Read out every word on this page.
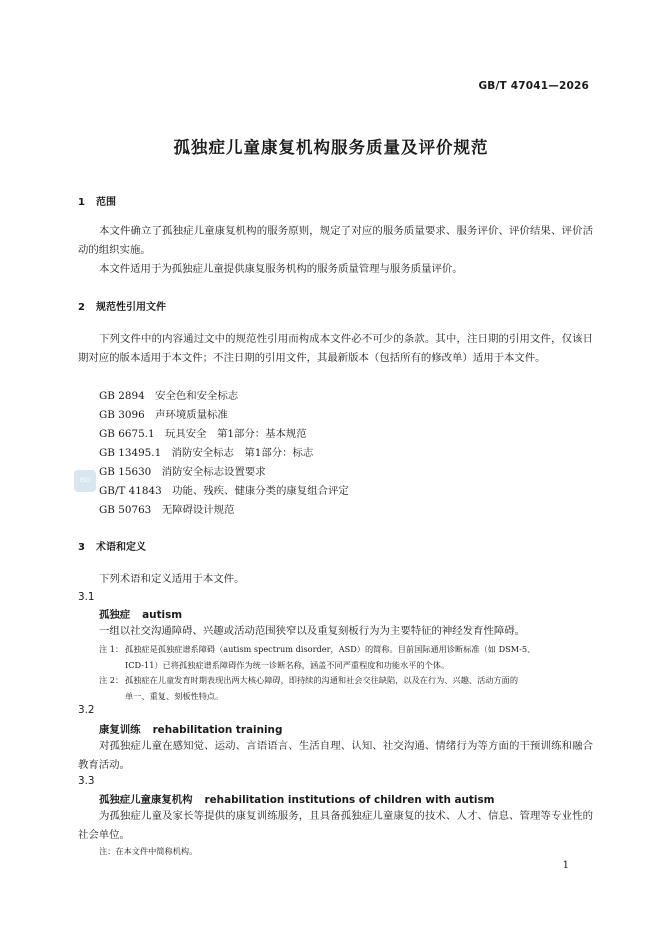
GB/T 47041—2026
孤独症儿童康复机构服务质量及评价规范
1 范围
本文件确立了孤独症儿童康复机构的服务原则，规定了对应的服务质量要求、服务评价、评价结果、评价活动的组织实施。
本文件适用于为孤独症儿童提供康复服务机构的服务质量管理与服务质量评价。
2 规范性引用文件
下列文件中的内容通过文中的规范性引用而构成本文件必不可少的条款。其中，注日期的引用文件，仅该日期对应的版本适用于本文件；不注日期的引用文件，其最新版本（包括所有的修改单）适用于本文件。
GB 2894　 安全色和安全标志
GB 3096　 声环境质量标准
GB 6675.1　 玩具安全　第1部分：基本规范
GB 13495.1　 消防安全标志　第1部分：标志
GB 15630　 消防安全标志设置要求
GB/T 41843　 功能、残疾、健康分类的康复组合评定
GB 50763　 无障碍设计规范
ISO
3 术语和定义
下列术语和定义适用于本文件。
3.1
孤独症 autism
一组以社交沟通障碍、兴趣或活动范围狭窄以及重复刻板行为为主要特征的神经发育性障碍。
注 1： 孤独症是孤独症谱系障碍（autism spectrum disorder，ASD）的简称。目前国际通用诊断标准（如 DSM-5、
ICD-11）已将孤独症谱系障碍作为统一诊断名称，涵盖不同严重程度和功能水平的个体。
注 2： 孤独症在儿童发育时期表现出两大核心障碍，即持续的沟通和社会交往缺陷，以及在行为、兴趣、活动方面的
单一、重复、刻板性特点。
3.2
康复训练 rehabilitation training
对孤独症儿童在感知觉、运动、言语语言、生活自理、认知、社交沟通、情绪行为等方面的干预训练和融合教育活动。
3.3
孤独症儿童康复机构 rehabilitation institutions of children with autism
为孤独症儿童及家长等提供的康复训练服务，且具备孤独症儿童康复的技术、人才、信息、管理等专业性的社会单位。
注：在本文件中简称机构。
1
